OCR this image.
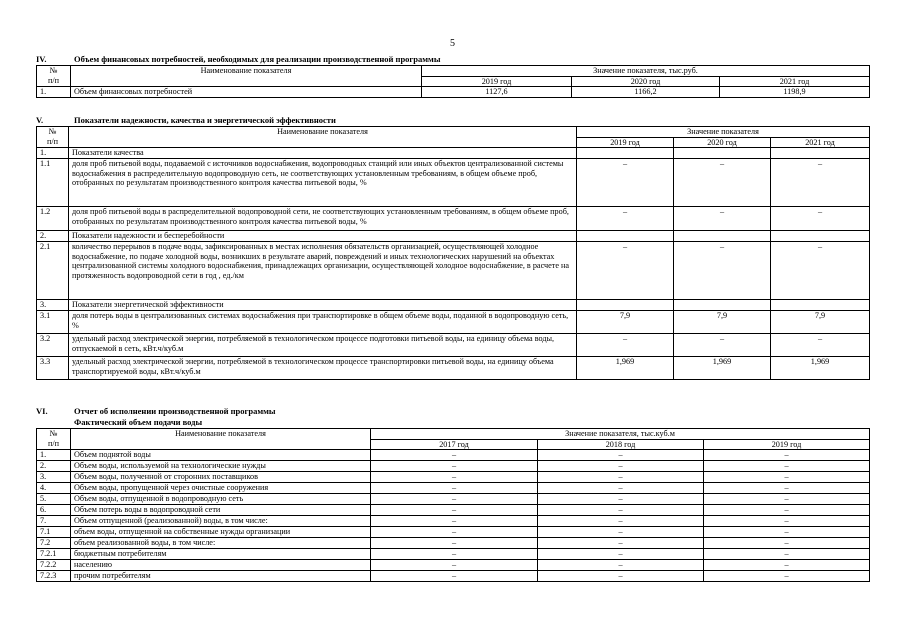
5
IV.	Объем финансовых потребностей, необходимых для реализации производственной программы
№	Наименование показателя	Значение показателя, тыс.руб.		
п/п		2019 год	2020 год	2021 год
1.	Объем финансовых потребностей	1127,6	1166,2	1198,9
V.	Показатели надежности, качества и энергетической эффективности
№	Наименование показателя	Значение показателя		
п/п		2019 год	2020 год	2021 год
1.	Показатели качества			
1.1	доля проб питьевой воды, подаваемой с источников водоснабжения, водопроводных станций или иных объектов централизованной системы водоснабжения в распределительную водопроводную сеть, не соответствующих установленным требованиям, в общем объеме проб, отобранных по результатам производственного контроля качества питьевой воды, %	–	–	–
1.2	доля проб питьевой воды в распределительной водопроводной сети, не соответствующих установленным требованиям, в общем объеме проб, отобранных по результатам производственного контроля качества питьевой воды, %	–	–	–
2.	Показатели надежности и бесперебойности			
2.1	количество перерывов в подаче воды, зафиксированных в местах исполнения обязательств организацией, осуществляющей холодное водоснабжение, по подаче холодной воды, возникших в результате аварий, повреждений и иных технологических нарушений на объектах централизованной системы холодного водоснабжения, принадлежащих организации, осуществляющей холодное водоснабжение, в расчете на протяженность водопроводной сети в год , ед./км	–	–	–
3.	Показатели энергетической эффективности			
3.1	доля потерь воды в централизованных системах водоснабжения при транспортировке в общем объеме воды, поданной в водопроводную сеть, %	7,9	7,9	7,9
3.2	удельный расход электрической энергии, потребляемой в технологическом процессе подготовки питьевой воды, на единицу объема воды, отпускаемой в сеть, кВт.ч/куб.м	–	–	–
3.3	удельный расход электрической энергии, потребляемой в технологическом процессе транспортировки питьевой воды, на единицу объема транспортируемой воды, кВт.ч/куб.м	1,969	1,969	1,969
VI.	Отчет об исполнении производственной программы
Фактический объем подачи воды
№	Наименование показателя	Значение показателя, тыс.куб.м		
п/п		2017 год	2018 год	2019 год
1.	Объем поднятой воды	–	–	–
2.	Объем воды, используемой на технологические нужды	–	–	–
3.	Объем воды, полученной от сторонних поставщиков	–	–	–
4.	Объем воды, пропущенной через очистные сооружения	–	–	–
5.	Объем воды, отпущенной в водопроводную сеть	–	–	–
6.	Объем потерь воды в водопроводной сети	–	–	–
7.	Объем отпущенной (реализованной) воды, в том числе:	–	–	–
7.1	объем воды, отпущенной на собственные нужды организации	–	–	–
7.2	объем реализованной воды, в том числе:	–	–	–
7.2.1	бюджетным потребителям	–	–	–
7.2.2	населению	–	–	–
7.2.3	прочим потребителям	–	–	–
